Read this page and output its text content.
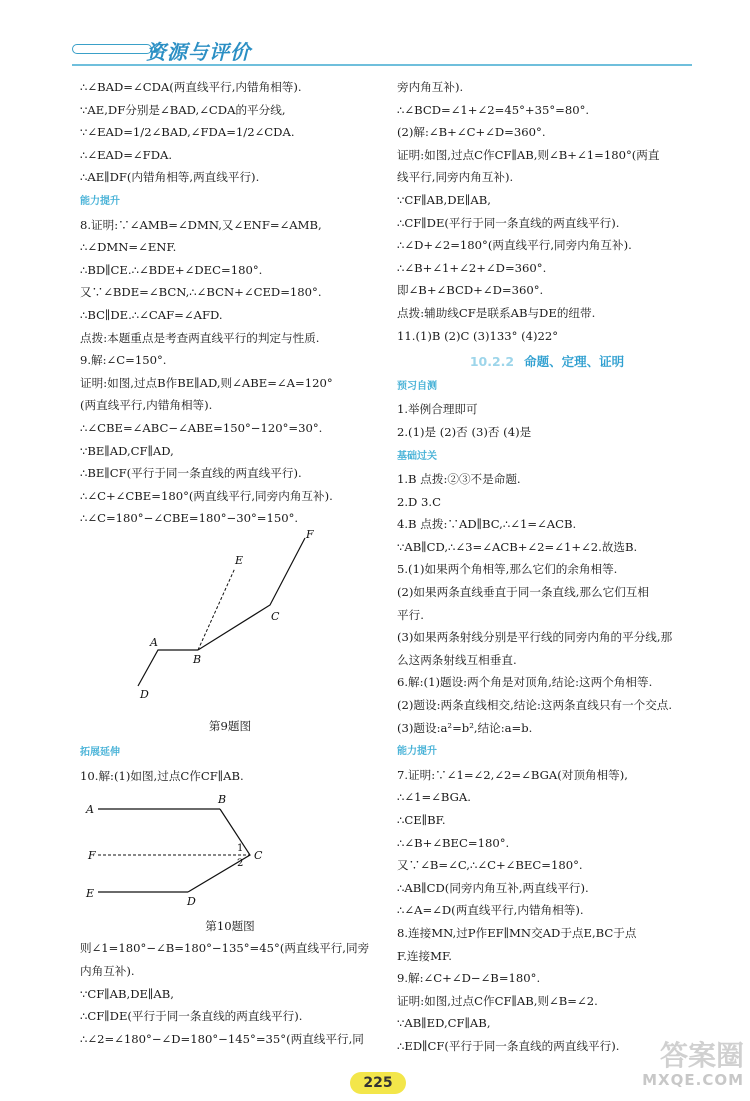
资源与评价
∴∠BAD=∠CDA(两直线平行,内错角相等).
∵AE,DF分别是∠BAD,∠CDA的平分线,
∵∠EAD=1/2∠BAD,∠FDA=1/2∠CDA.
∴∠EAD=∠FDA.
∴AE∥DF(内错角相等,两直线平行).
能力提升
8.证明:∵∠AMB=∠DMN,又∠ENF=∠AMB,
∴∠DMN=∠ENF.
∴BD∥CE.∴∠BDE+∠DEC=180°.
又∵∠BDE=∠BCN,∴∠BCN+∠CED=180°.
∴BC∥DE.∴∠CAF=∠AFD.
点拨:本题重点是考查两直线平行的判定与性质.
9.解:∠C=150°.
证明:如图,过点B作BE∥AD,则∠ABE=∠A=120°
(两直线平行,内错角相等).
∴∠CBE=∠ABC−∠ABE=150°−120°=30°.
∵BE∥AD,CF∥AD,
∴BE∥CF(平行于同一条直线的两直线平行).
∴∠C+∠CBE=180°(两直线平行,同旁内角互补).
∴∠C=180°−∠CBE=180°−30°=150°.
A
B
C
D
E
F
第9题图
拓展延伸
10.解:(1)如图,过点C作CF∥AB.
A
B
C
D
E
F
1
2
第10题图
则∠1=180°−∠B=180°−135°=45°(两直线平行,同旁
内角互补).
∵CF∥AB,DE∥AB,
∴CF∥DE(平行于同一条直线的两直线平行).
∴∠2=∠180°−∠D=180°−145°=35°(两直线平行,同
旁内角互补).
∴∠BCD=∠1+∠2=45°+35°=80°.
(2)解:∠B+∠C+∠D=360°.
证明:如图,过点C作CF∥AB,则∠B+∠1=180°(两直
线平行,同旁内角互补).
∵CF∥AB,DE∥AB,
∴CF∥DE(平行于同一条直线的两直线平行).
∴∠D+∠2=180°(两直线平行,同旁内角互补).
∴∠B+∠1+∠2+∠D=360°.
即∠B+∠BCD+∠D=360°.
点拨:辅助线CF是联系AB与DE的纽带.
11.(1)B (2)C (3)133° (4)22°
10.2.2 命题、定理、证明
预习自测
1.举例合理即可
2.(1)是 (2)否 (3)否 (4)是
基础过关
1.B 点拨:②③不是命题.
2.D 3.C
4.B 点拨:∵AD∥BC,∴∠1=∠ACB.
∵AB∥CD,∴∠3=∠ACB+∠2=∠1+∠2.故选B.
5.(1)如果两个角相等,那么它们的余角相等.
(2)如果两条直线垂直于同一条直线,那么它们互相
平行.
(3)如果两条射线分别是平行线的同旁内角的平分线,那
么这两条射线互相垂直.
6.解:(1)题设:两个角是对顶角,结论:这两个角相等.
(2)题设:两条直线相交,结论:这两条直线只有一个交点.
(3)题设:a²=b²,结论:a=b.
能力提升
7.证明:∵∠1=∠2,∠2=∠BGA(对顶角相等),
∴∠1=∠BGA.
∴CE∥BF.
∴∠B+∠BEC=180°.
又∵∠B=∠C,∴∠C+∠BEC=180°.
∴AB∥CD(同旁内角互补,两直线平行).
∴∠A=∠D(两直线平行,内错角相等).
8.连接MN,过P作EF∥MN交AD于点E,BC于点
F.连接MF.
9.解:∠C+∠D−∠B=180°.
证明:如图,过点C作CF∥AB,则∠B=∠2.
∵AB∥ED,CF∥AB,
∴ED∥CF(平行于同一条直线的两直线平行).
225
答案圈
MXQE.COM
